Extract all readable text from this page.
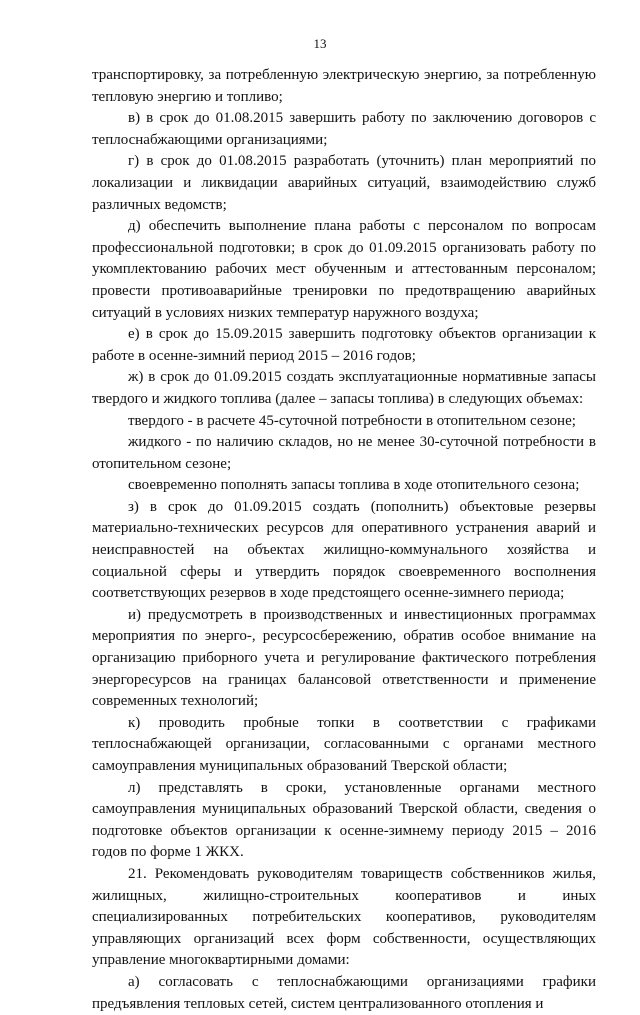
13

транспортировку, за потребленную электрическую энергию, за потребленную тепловую энергию и топливо;

в) в срок до 01.08.2015 завершить работу по заключению договоров с теплоснабжающими организациями;

г) в срок до 01.08.2015 разработать (уточнить) план мероприятий по локализации и ликвидации аварийных ситуаций, взаимодействию служб различных ведомств;

д) обеспечить выполнение плана работы с персоналом по вопросам профессиональной подготовки; в срок до 01.09.2015 организовать работу по укомплектованию рабочих мест обученным и аттестованным персоналом; провести противоаварийные тренировки по предотвращению аварийных ситуаций в условиях низких температур наружного воздуха;

е) в срок до 15.09.2015 завершить подготовку объектов организации к работе в осенне-зимний период 2015 – 2016 годов;

ж) в срок до 01.09.2015 создать эксплуатационные нормативные запасы твердого и жидкого топлива (далее – запасы топлива) в следующих объемах:

твердого - в расчете 45-суточной потребности в отопительном сезоне;

жидкого - по наличию складов, но не менее 30-суточной потребности в отопительном сезоне;

своевременно пополнять запасы топлива в ходе отопительного сезона;

з) в срок до 01.09.2015 создать (пополнить) объектовые резервы материально-технических ресурсов для оперативного устранения аварий и неисправностей на объектах жилищно-коммунального хозяйства и социальной сферы и утвердить порядок своевременного восполнения соответствующих резервов в ходе предстоящего осенне-зимнего периода;

и) предусмотреть в производственных и инвестиционных программах мероприятия по энерго-, ресурсосбережению, обратив особое внимание на организацию приборного учета и регулирование фактического потребления энергоресурсов на границах балансовой ответственности и применение современных технологий;

к) проводить пробные топки в соответствии с графиками теплоснабжающей организации, согласованными с органами местного самоуправления муниципальных образований Тверской области;

л) представлять в сроки, установленные органами местного самоуправления муниципальных образований Тверской области, сведения о подготовке объектов организации к осенне-зимнему периоду 2015 – 2016 годов по форме 1 ЖКХ.

21. Рекомендовать руководителям товариществ собственников жилья, жилищных, жилищно-строительных кооперативов и иных специализированных потребительских кооперативов, руководителям управляющих организаций всех форм собственности, осуществляющих управление многоквартирными домами:

а) согласовать с теплоснабжающими организациями графики предъявления тепловых сетей, систем централизованного отопления и
